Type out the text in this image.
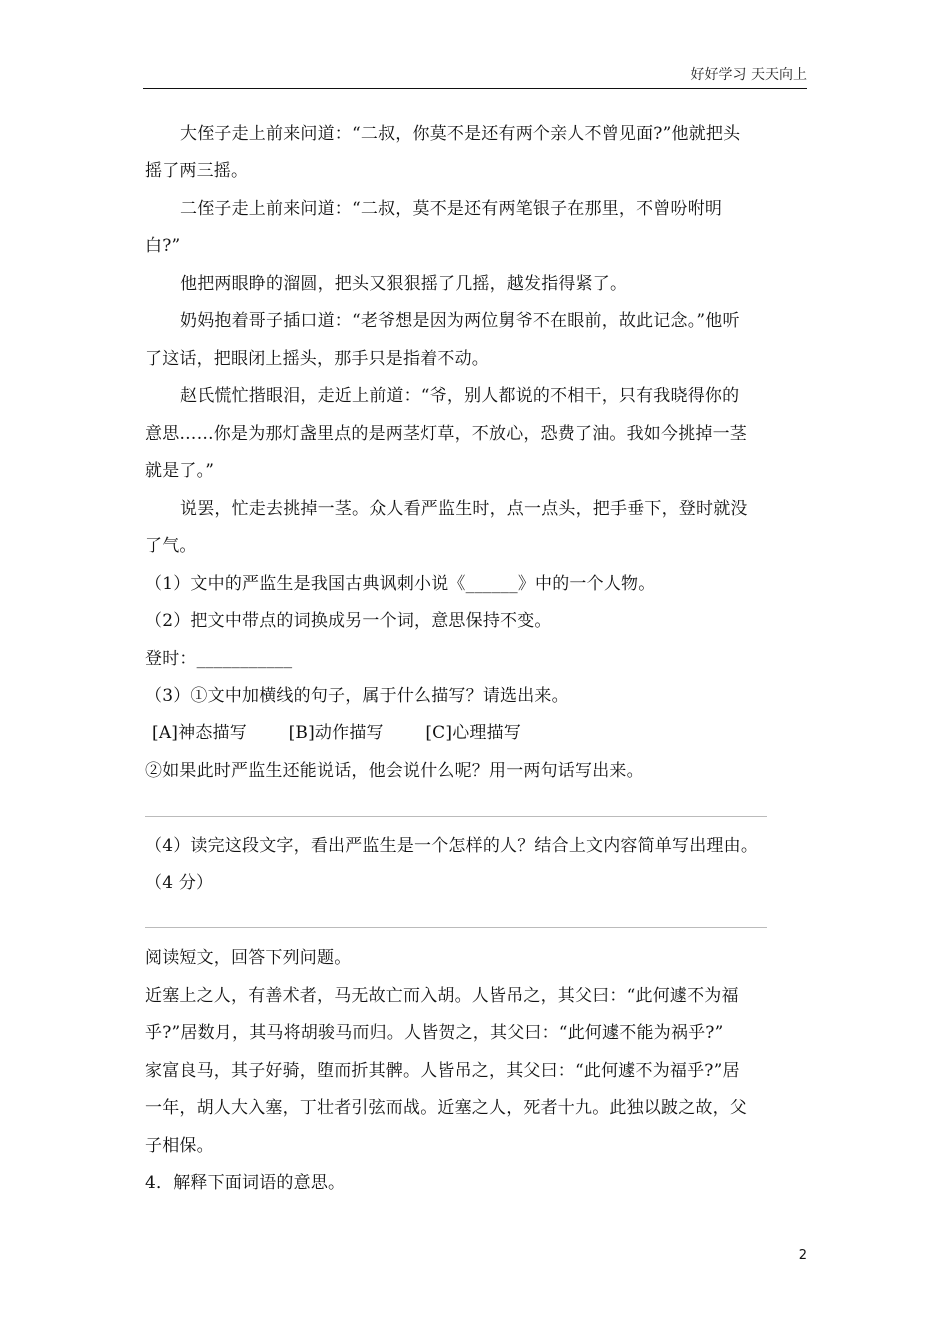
好好学习 天天向上
大侄子走上前来问道：“二叔，你莫不是还有两个亲人不曾见面?”他就把头
摇了两三摇。
二侄子走上前来问道：“二叔，莫不是还有两笔银子在那里，不曾吩咐明
白?”
他把两眼睁的溜圆，把头又狠狠摇了几摇，越发指得紧了。
奶妈抱着哥子插口道：“老爷想是因为两位舅爷不在眼前，故此记念。”他听
了这话，把眼闭上摇头，那手只是指着不动。
赵氏慌忙揩眼泪，走近上前道：“爷，别人都说的不相干，只有我晓得你的
意思……你是为那灯盏里点的是两茎灯草，不放心，恐费了油。我如今挑掉一茎
就是了。”
说罢，忙走去挑掉一茎。众人看严监生时，点一点头，把手垂下，登时就没
了气。
（1）文中的严监生是我国古典讽刺小说《______》中的一个人物。
（2）把文中带点的词换成另一个词，意思保持不变。
登时：___________
（3）①文中加横线的句子，属于什么描写？请选出来。
[A]神态描写 [B]动作描写 [C]心理描写
②如果此时严监生还能说话，他会说什么呢？用一两句话写出来。
（4）读完这段文字，看出严监生是一个怎样的人？结合上文内容简单写出理由。
（4 分）
阅读短文，回答下列问题。
近塞上之人，有善术者，马无故亡而入胡。人皆吊之，其父曰：“此何遽不为福
乎?”居数月，其马将胡骏马而归。人皆贺之，其父曰：“此何遽不能为祸乎?”
家富良马，其子好骑，堕而折其髀。人皆吊之，其父曰：“此何遽不为福乎?”居
一年，胡人大入塞，丁壮者引弦而战。近塞之人，死者十九。此独以跛之故，父
子相保。
4．解释下面词语的意思。
2
